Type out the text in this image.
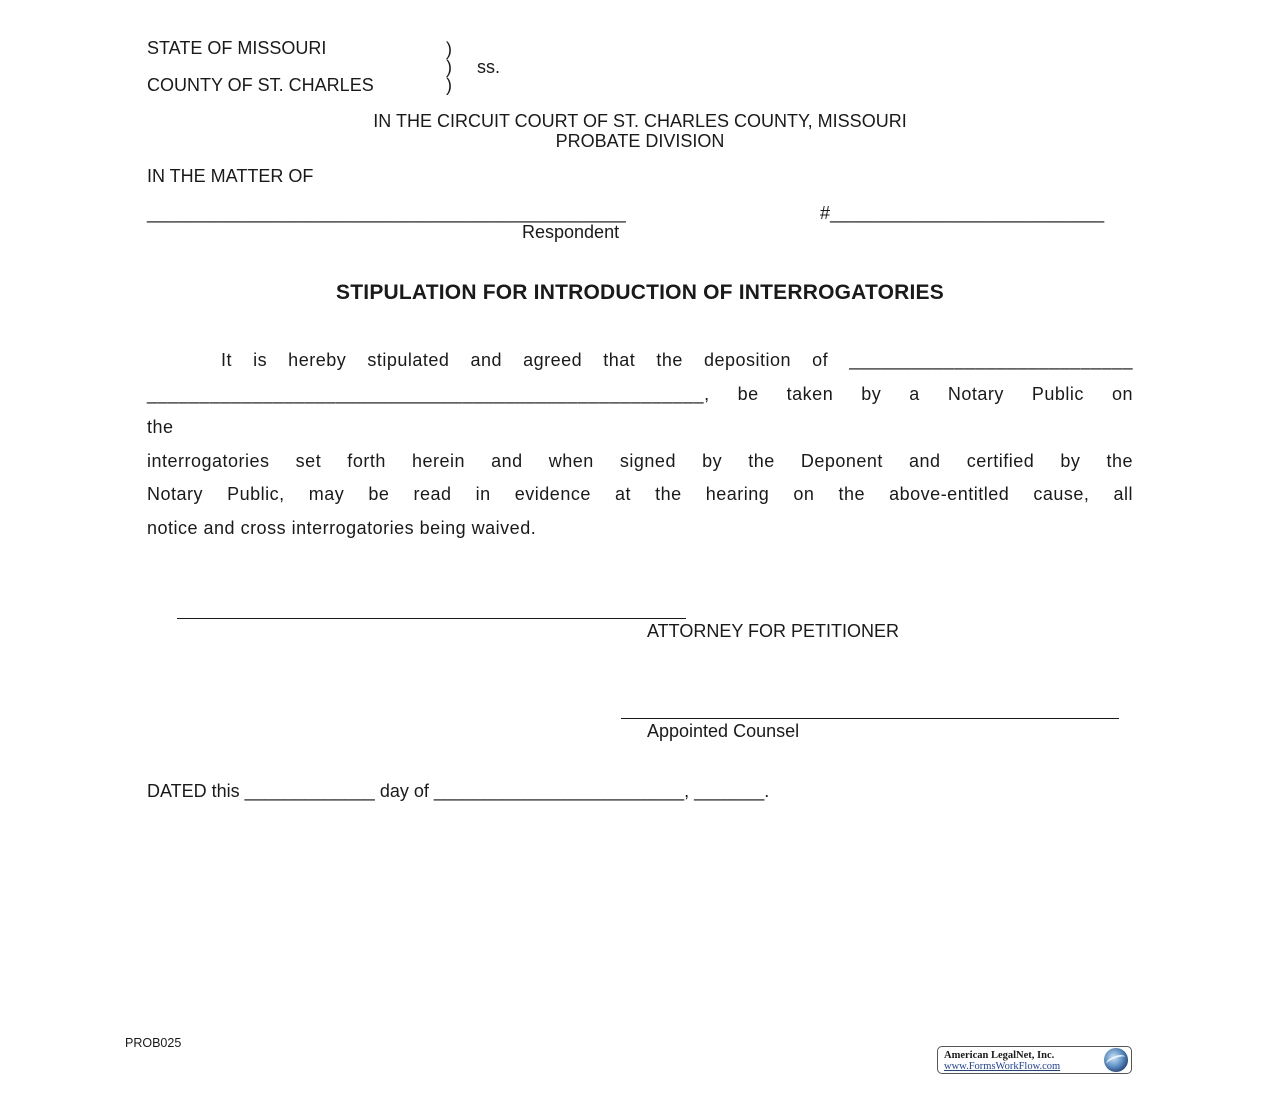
STATE OF MISSOURI	)
) ss.
COUNTY OF ST. CHARLES	)
IN THE CIRCUIT COURT OF ST. CHARLES COUNTY, MISSOURI
PROBATE DIVISION
IN THE MATTER OF
_______________________________________________
Respondent
#___________________________
STIPULATION FOR INTRODUCTION OF INTERROGATORIES

It is hereby stipulated and agreed that the deposition of ___________________________

_____________________________________________________, be taken by a Notary Public on

the

interrogatories set forth herein and when signed by the Deponent and certified by the

Notary Public, may be read in evidence at the hearing on the above-entitled cause, all

notice and cross interrogatories being waived.

ATTORNEY FOR PETITIONER
Appointed Counsel
DATED this _____________ day of _________________________, _______.
PROB025
American LegalNet, Inc.
www.FormsWorkFlow.com
